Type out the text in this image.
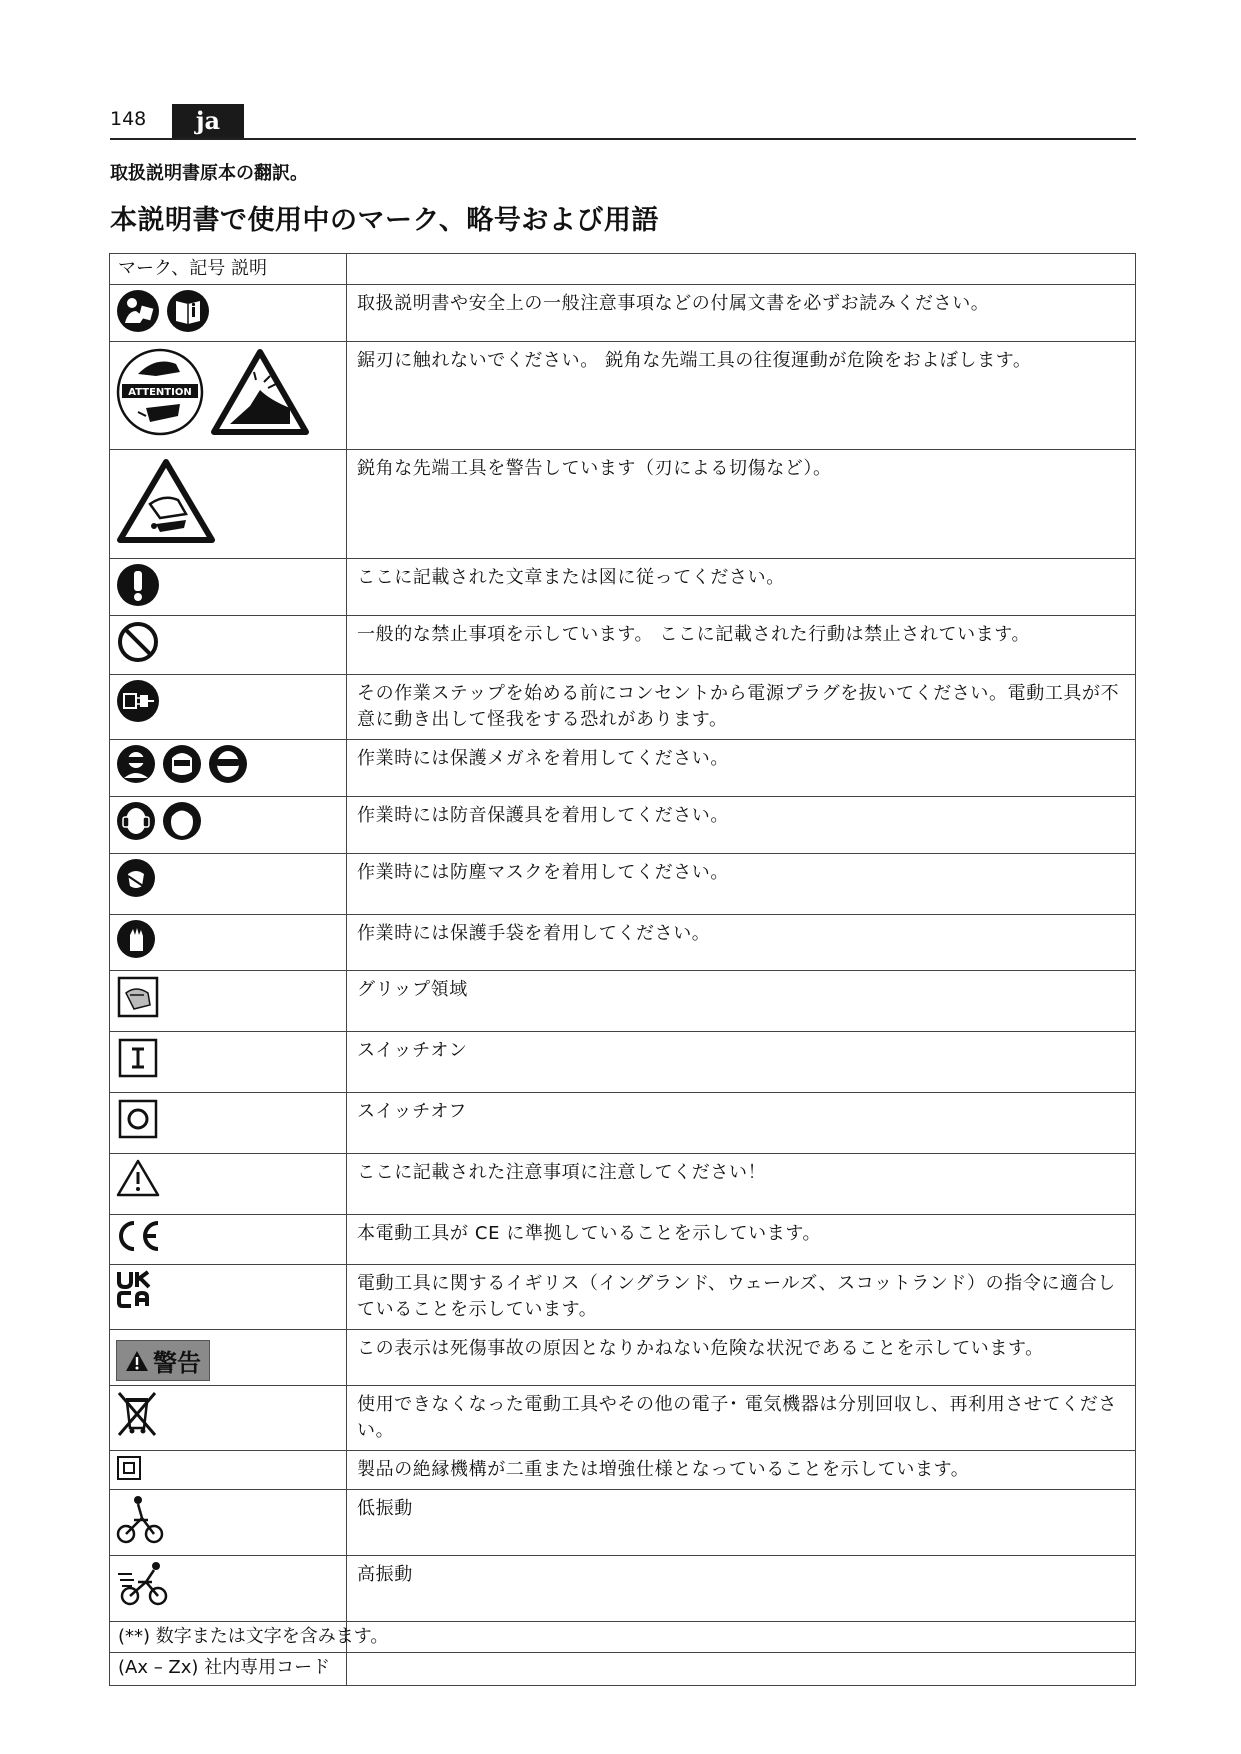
148	ja
取扱説明書原本の翻訳。
本説明書で使用中のマーク、略号および用語
マーク、記号 説明	

	取扱説明書や安全上の一般注意事項などの付属文書を必ずお読みください。

ATTENTION	鋸刃に触れないでください。 鋭角な先端工具の往復運動が危険をおよぼします。

	鋭角な先端工具を警告しています（刃による切傷など）。

	ここに記載された文章または図に従ってください。

	一般的な禁止事項を示しています。 ここに記載された行動は禁止されています。

	その作業ステップを始める前にコンセントから電源プラグを抜いてください。電動工具が不意に動き出して怪我をする恐れがあります。

	作業時には保護メガネを着用してください。

	作業時には防音保護具を着用してください。

	作業時には防塵マスクを着用してください。

	作業時には保護手袋を着用してください。

	グリップ領域

	スイッチオン

	スイッチオフ

	ここに記載された注意事項に注意してください！

	本電動工具が CE に準拠していることを示しています。

	電動工具に関するイギリス（イングランド、ウェールズ、スコットランド）の指令に適合していることを示しています。

警告	この表示は死傷事故の原因となりかねない危険な状況であることを示しています。

	使用できなくなった電動工具やその他の電子･ 電気機器は分別回収し、再利用させてください。

	製品の絶縁機構が二重または増強仕様となっていることを示しています。

	低振動

	高振動
(**) 数字または文字を含みます。	
(Ax – Zx) 社内専用コード	
